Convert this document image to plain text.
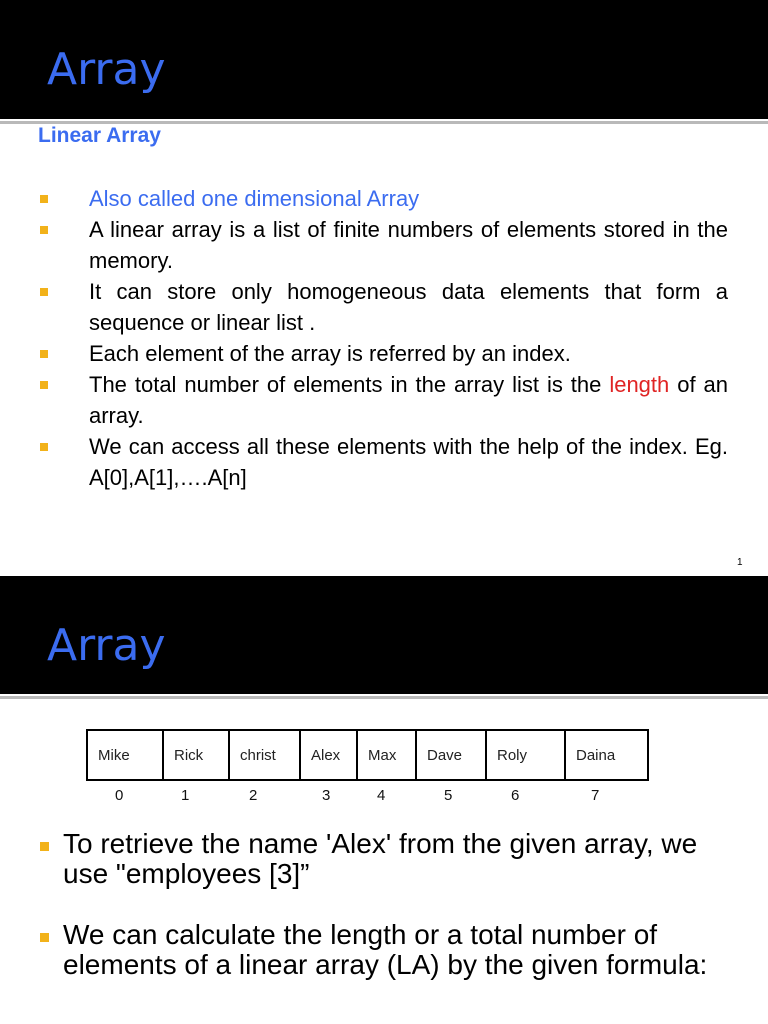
Array
Linear Array
Also called one dimensional Array
A linear array is a list of finite numbers of elements stored in the memory.
It can store only homogeneous data elements that form a sequence or linear list .
Each element of the array is referred by an index.
The total number of elements in the array list is the length of an array.
We can access all these elements with the help of the index. Eg. A[0],A[1],….A[n]
1
Array
Mike	Rick	christ	Alex	Max	Dave	Roly	Daina
0	1	2	3	4	5	6	7
To retrieve the name 'Alex' from the given array, we use "employees [3]”
We can calculate the length or a total number of elements of a linear array (LA) by the given formula:
